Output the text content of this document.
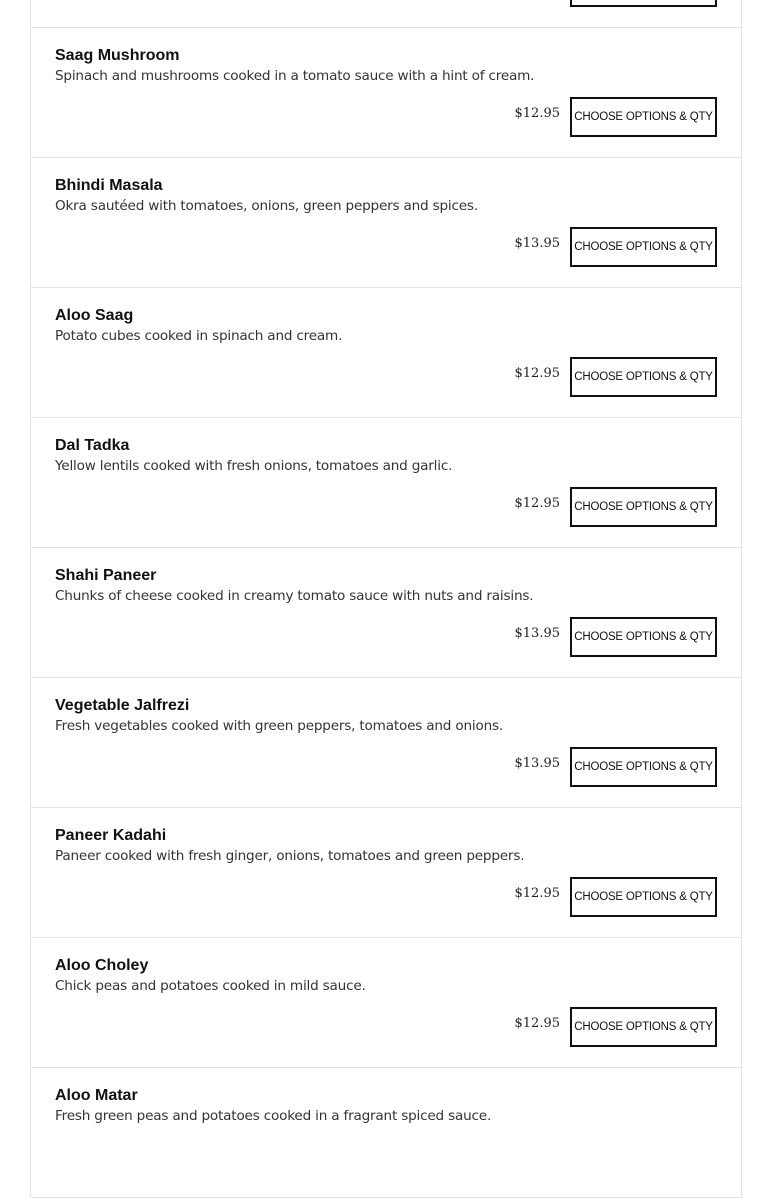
Saag Mushroom
Spinach and mushrooms cooked in a tomato sauce with a hint of cream.
$12.95	CHOOSE OPTIONS & QTY
Bhindi Masala
Okra sautéed with tomatoes, onions, green peppers and spices.
$13.95	CHOOSE OPTIONS & QTY
Aloo Saag
Potato cubes cooked in spinach and cream.
$12.95	CHOOSE OPTIONS & QTY
Dal Tadka
Yellow lentils cooked with fresh onions, tomatoes and garlic.
$12.95	CHOOSE OPTIONS & QTY
Shahi Paneer
Chunks of cheese cooked in creamy tomato sauce with nuts and raisins.
$13.95	CHOOSE OPTIONS & QTY
Vegetable Jalfrezi
Fresh vegetables cooked with green peppers, tomatoes and onions.
$13.95	CHOOSE OPTIONS & QTY
Paneer Kadahi
Paneer cooked with fresh ginger, onions, tomatoes and green peppers.
$12.95	CHOOSE OPTIONS & QTY
Aloo Choley
Chick peas and potatoes cooked in mild sauce.
$12.95	CHOOSE OPTIONS & QTY
Aloo Matar
Fresh green peas and potatoes cooked in a fragrant spiced sauce.
